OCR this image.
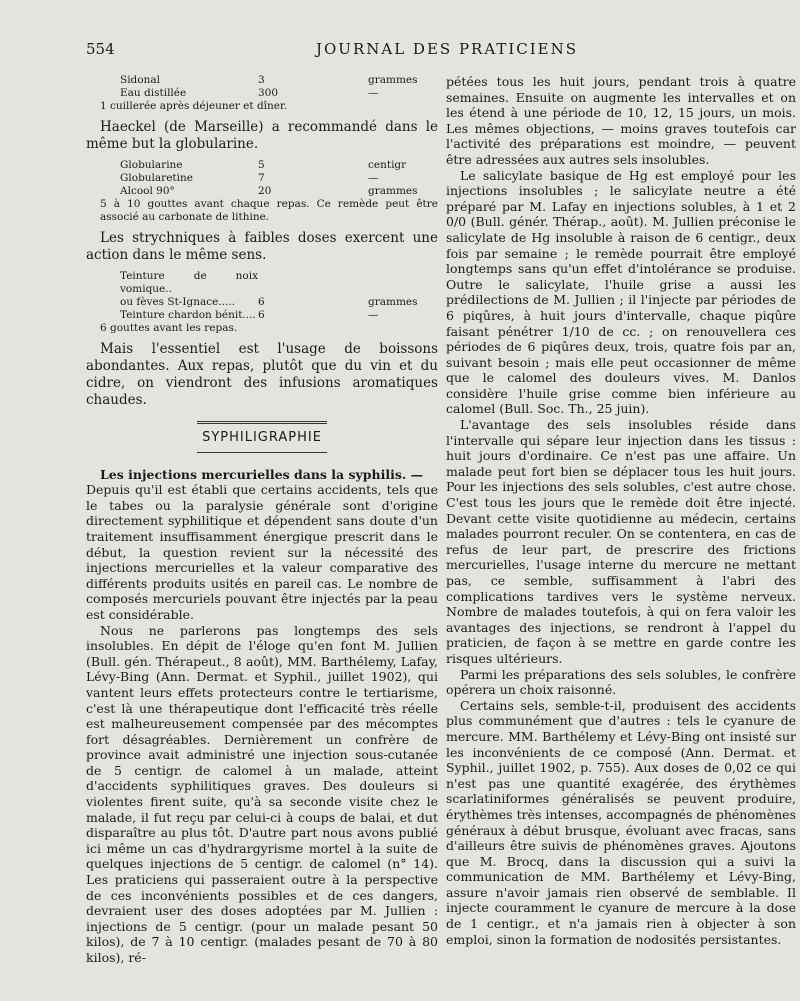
554	JOURNAL DES PRATICIENS
Sidonal	3	grammes
Eau distillée	300	—

1 cuillerée après déjeuner et dîner.

Haeckel (de Marseille) a recommandé dans le même but la globularine.

Globularine	5	centigr
Globularetine	7	—
Alcool 90°	20	grammes

5 à 10 gouttes avant chaque repas. Ce remède peut être associé au carbonate de lithine.

Les strychniques à faibles doses exercent une action dans le même sens.

Teinture de noix vomique..
ou fèves St-Ignace.....	6	grammes
Teinture chardon bénit.... 6	—

6 gouttes avant les repas.

Mais l'essentiel est l'usage de boissons abondantes. Aux repas, plutôt que du vin et du cidre, on viendront des infusions aromatiques chaudes.

SYPHILIGRAPHIE

Les injections mercurielles dans la syphilis. —

Depuis qu'il est établi que certains accidents, tels que le tabes ou la paralysie générale sont d'origine directement syphilitique et dépendent sans doute d'un traitement insuffisamment énergique prescrit dans le début, la question revient sur la nécessité des injections mercurielles et la valeur comparative des différents produits usités en pareil cas. Le nombre de composés mercuriels pouvant être injectés par la peau est considérable.

Nous ne parlerons pas longtemps des sels insolubles. En dépit de l'éloge qu'en font M. Jullien (Bull. gén. Thérapeut., 8 août), MM. Barthélemy, Lafay, Lévy-Bing (Ann. Dermat. et Syphil., juillet 1902), qui vantent leurs effets protecteurs contre le tertiarisme, c'est là une thérapeutique dont l'efficacité très réelle est malheureusement compensée par des mécomptes fort désagréables. Dernièrement un confrère de province avait administré une injection sous-cutanée de 5 centigr. de calomel à un malade, atteint d'accidents syphilitiques graves. Des douleurs si violentes firent suite, qu'à sa seconde visite chez le malade, il fut reçu par celui-ci à coups de balai, et dut disparaître au plus tôt. D'autre part nous avons publié ici même un cas d'hydrargyrisme mortel à la suite de quelques injections de 5 centigr. de calomel (n° 14). Les praticiens qui passeraient outre à la perspective de ces inconvénients possibles et de ces dangers, devraient user des doses adoptées par M. Jullien : injections de 5 centigr. (pour un malade pesant 50 kilos), de 7 à 10 centigr. (malades pesant de 70 à 80 kilos), ré-

pétées tous les huit jours, pendant trois à quatre semaines. Ensuite on augmente les intervalles et on les étend à une période de 10, 12, 15 jours, un mois. Les mêmes objections, — moins graves toutefois car l'activité des préparations est moindre, — peuvent être adressées aux autres sels insolubles.

Le salicylate basique de Hg est employé pour les injections insolubles ; le salicylate neutre a été préparé par M. Lafay en injections solubles, à 1 et 2 0/0 (Bull. génér. Thérap., août). M. Jullien préconise le salicylate de Hg insoluble à raison de 6 centigr., deux fois par semaine ; le remède pourrait être employé longtemps sans qu'un effet d'intolérance se produise. Outre le salicylate, l'huile grise a aussi les prédilections de M. Jullien ; il l'injecte par périodes de 6 piqûres, à huit jours d'intervalle, chaque piqûre faisant pénétrer 1/10 de cc. ; on renouvellera ces périodes de 6 piqûres deux, trois, quatre fois par an, suivant besoin ; mais elle peut occasionner de même que le calomel des douleurs vives. M. Danlos considère l'huile grise comme bien inférieure au calomel (Bull. Soc. Th., 25 juin).

L'avantage des sels insolubles réside dans l'intervalle qui sépare leur injection dans les tissus : huit jours d'ordinaire. Ce n'est pas une affaire. Un malade peut fort bien se déplacer tous les huit jours. Pour les injections des sels solubles, c'est autre chose. C'est tous les jours que le remède doit être injecté. Devant cette visite quotidienne au médecin, certains malades pourront reculer. On se contentera, en cas de refus de leur part, de prescrire des frictions mercurielles, l'usage interne du mercure ne mettant pas, ce semble, suffisamment à l'abri des complications tardives vers le système nerveux. Nombre de malades toutefois, à qui on fera valoir les avantages des injections, se rendront à l'appel du praticien, de façon à se mettre en garde contre les risques ultérieurs.

Parmi les préparations des sels solubles, le confrère opérera un choix raisonné.

Certains sels, semble-t-il, produisent des accidents plus communément que d'autres : tels le cyanure de mercure. MM. Barthélemy et Lévy-Bing ont insisté sur les inconvénients de ce composé (Ann. Dermat. et Syphil., juillet 1902, p. 755). Aux doses de 0,02 ce qui n'est pas une quantité exagérée, des érythèmes scarlatiniformes généralisés se peuvent produire, érythèmes très intenses, accompagnés de phénomènes généraux à début brusque, évoluant avec fracas, sans d'ailleurs être suivis de phénomènes graves. Ajoutons que M. Brocq, dans la discussion qui a suivi la communication de MM. Barthélemy et Lévy-Bing, assure n'avoir jamais rien observé de semblable. Il injecte couramment le cyanure de mercure à la dose de 1 centigr., et n'a jamais rien à objecter à son emploi, sinon la formation de nodosités persistantes.
